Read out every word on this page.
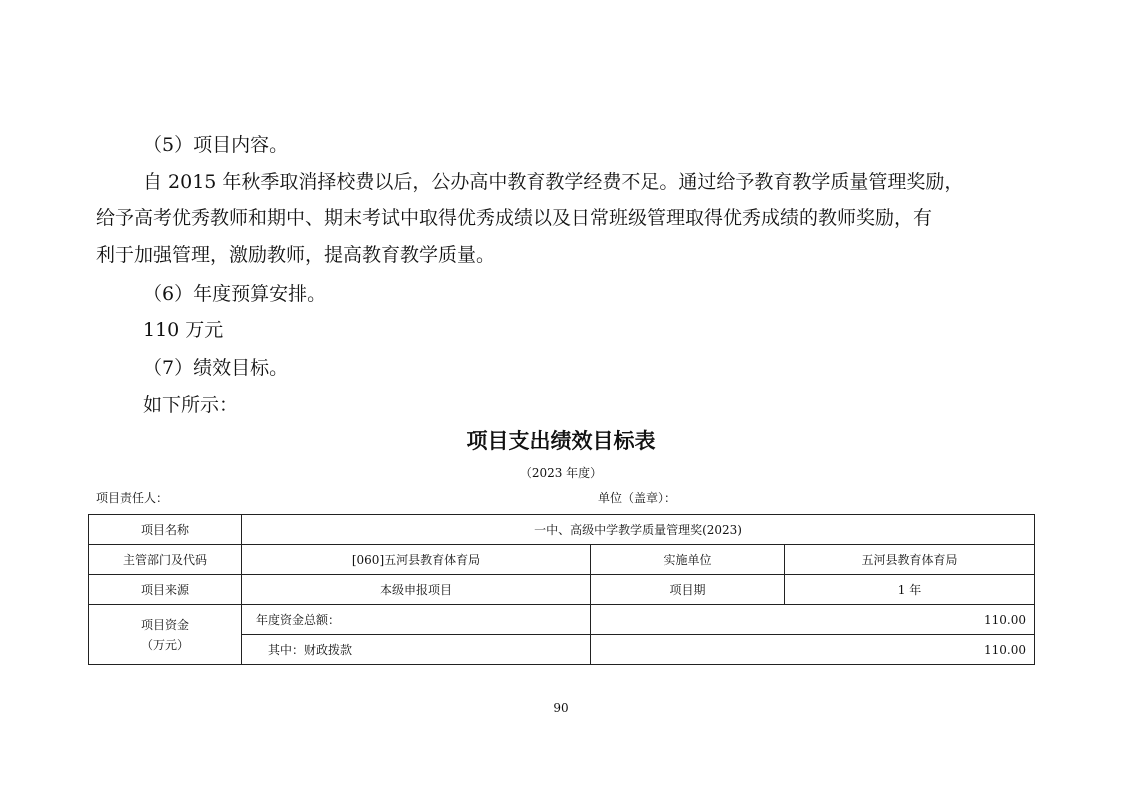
（5）项目内容。
自 2015 年秋季取消择校费以后，公办高中教育教学经费不足。通过给予教育教学质量管理奖励，
给予高考优秀教师和期中、期末考试中取得优秀成绩以及日常班级管理取得优秀成绩的教师奖励，有
利于加强管理，激励教师，提高教育教学质量。
（6）年度预算安排。
110 万元
（7）绩效目标。
如下所示：
项目支出绩效目标表
（2023 年度）
项目责任人：	单位（盖章）：
项目名称	一中、高级中学教学质量管理奖(2023)		
主管部门及代码	[060]五河县教育体育局	实施单位	五河县教育体育局
项目来源	本级申报项目	项目期	1 年

项目资金
（万元）	年度资金总额：	110.00	
	其中：财政拨款	110.00	
90
